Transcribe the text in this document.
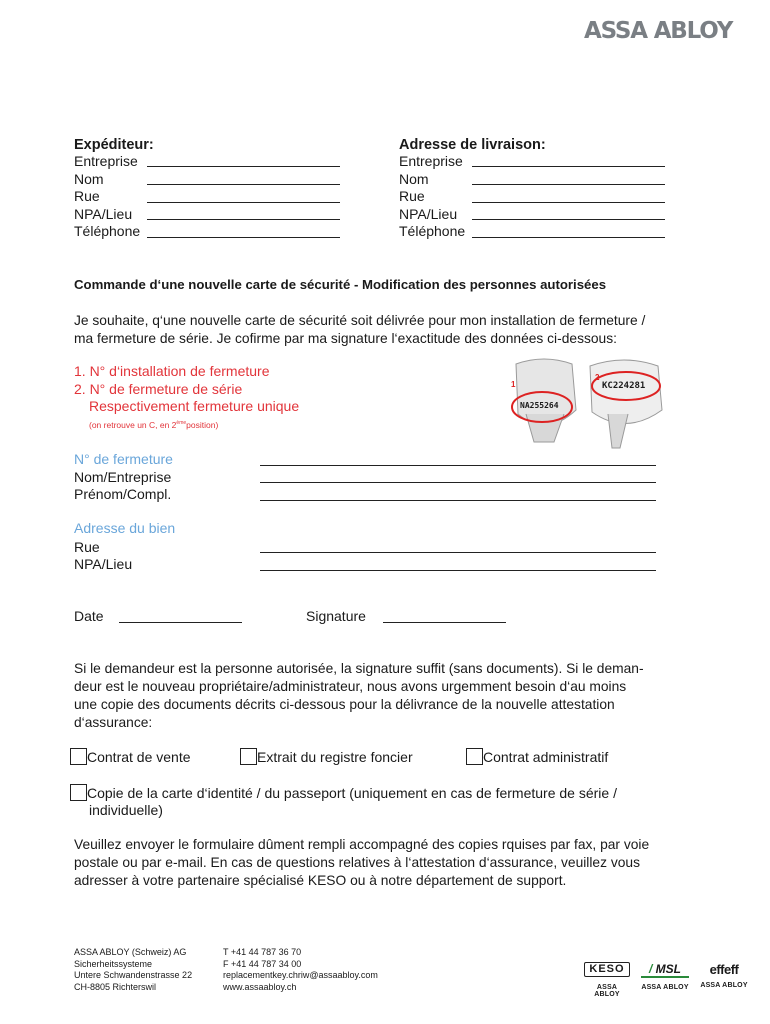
ASSA ABLOY
Expéditeur:
Entreprise
Nom
Rue
NPA/Lieu
Téléphone
Adresse de livraison:
Entreprise
Nom
Rue
NPA/Lieu
Téléphone
Commande d‘une nouvelle carte de sécurité - Modification des personnes autorisées
Je souhaite, q‘une nouvelle carte de sécurité soit délivrée pour mon installation de fermeture /
ma fermeture de série. Je cofirme par ma signature l‘exactitude des données ci-dessous:
1. N° d‘installation de fermeture
2. N° de fermeture de série
Respectivement fermeture unique
(on retrouve un C, en 2èmeposition)
1
NA255264
2
KC224281
N° de fermeture
Nom/Entreprise
Prénom/Compl.
Adresse du bien
Rue
NPA/Lieu
Date	Signature
Si le demandeur est la personne autorisée, la signature suffit (sans documents). Si le deman-
deur est le nouveau propriétaire/administrateur, nous avons urgemment besoin d‘au moins
une copie des documents décrits ci-dessous pour la délivrance de la nouvelle attestation
d‘assurance:
Contrat de vente	Extrait du registre foncier	Contrat administratif
Copie de la carte d‘identité / du passeport (uniquement en cas de fermeture de série /
individuelle)
Veuillez envoyer le formulaire dûment rempli accompagné des copies rquises par fax, par voie
postale ou par e-mail. En cas de questions relatives à l‘attestation d‘assurance, veuillez vous
adresser à votre partenaire spécialisé KESO ou à notre département de support.
ASSA ABLOY (Schweiz) AG
Sicherheitssysteme
Untere Schwandenstrasse 22
CH-8805 Richterswil
T +41 44 787 36 70
F +41 44 787 34 00
replacementkey.chriw@assaabloy.com
www.assaabloy.ch
KESO
ASSA ABLOY
/ MSL
ASSA ABLOY
effeff
ASSA ABLOY
